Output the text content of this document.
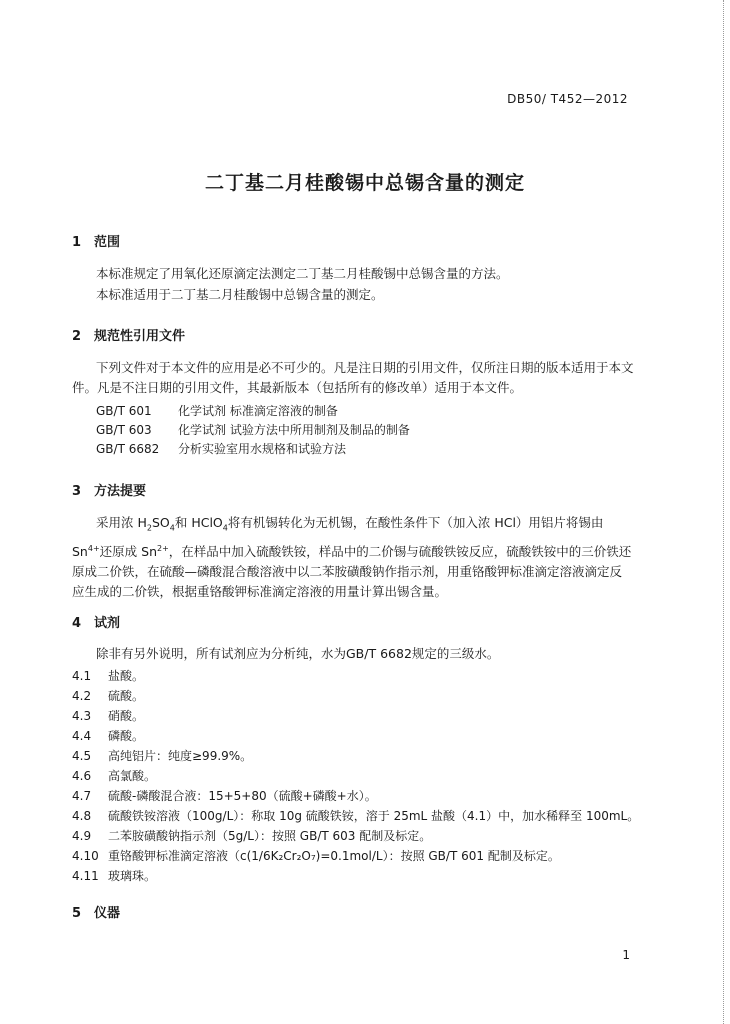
DB50/ T452—2012
二丁基二月桂酸锡中总锡含量的测定
1 范围
本标准规定了用氧化还原滴定法测定二丁基二月桂酸锡中总锡含量的方法。
本标准适用于二丁基二月桂酸锡中总锡含量的测定。
2 规范性引用文件
下列文件对于本文件的应用是必不可少的。凡是注日期的引用文件，仅所注日期的版本适用于本文件。凡是不注日期的引用文件，其最新版本（包括所有的修改单）适用于本文件。
GB/T 601 化学试剂 标准滴定溶液的制备
GB/T 603 化学试剂 试验方法中所用制剂及制品的制备
GB/T 6682 分析实验室用水规格和试验方法
3 方法提要
采用浓 $H_2SO_4$和 HClO$_4$将有机锡转化为无机锡，在酸性条件下（加入浓 HCl）用铝片将锡由 $Sn^{4+}$还原成 $Sn^{2+}$，在样品中加入硫酸铁铵，样品中的二价锡与硫酸铁铵反应，硫酸铁铵中的三价铁还原成二价铁，在硫酸—磷酸混合酸溶液中以二苯胺磺酸钠作指示剂，用重铬酸钾标准滴定溶液滴定反应生成的二价铁，根据重铬酸钾标准滴定溶液的用量计算出锡含量。
4 试剂
除非有另外说明，所有试剂应为分析纯，水为GB/T 6682规定的三级水。
4.1 盐酸。
4.2 硫酸。
4.3 硝酸。
4.4 磷酸。
4.5 高纯铝片：纯度≥99.9%。
4.6 高氯酸。
4.7 硫酸-磷酸混合液：15+5+80（硫酸+磷酸+水）。
4.8 硫酸铁铵溶液（100g/L）：称取 10g 硫酸铁铵，溶于 25mL 盐酸（4.1）中，加水稀释至 100mL。
4.9 二苯胺磺酸钠指示剂（5g/L）：按照 GB/T 603 配制及标定。
4.10 重铬酸钾标准滴定溶液（c(1/6K₂Cr₂O₇)=0.1mol/L）：按照 GB/T 601 配制及标定。
4.11 玻璃珠。
5 仪器
1
